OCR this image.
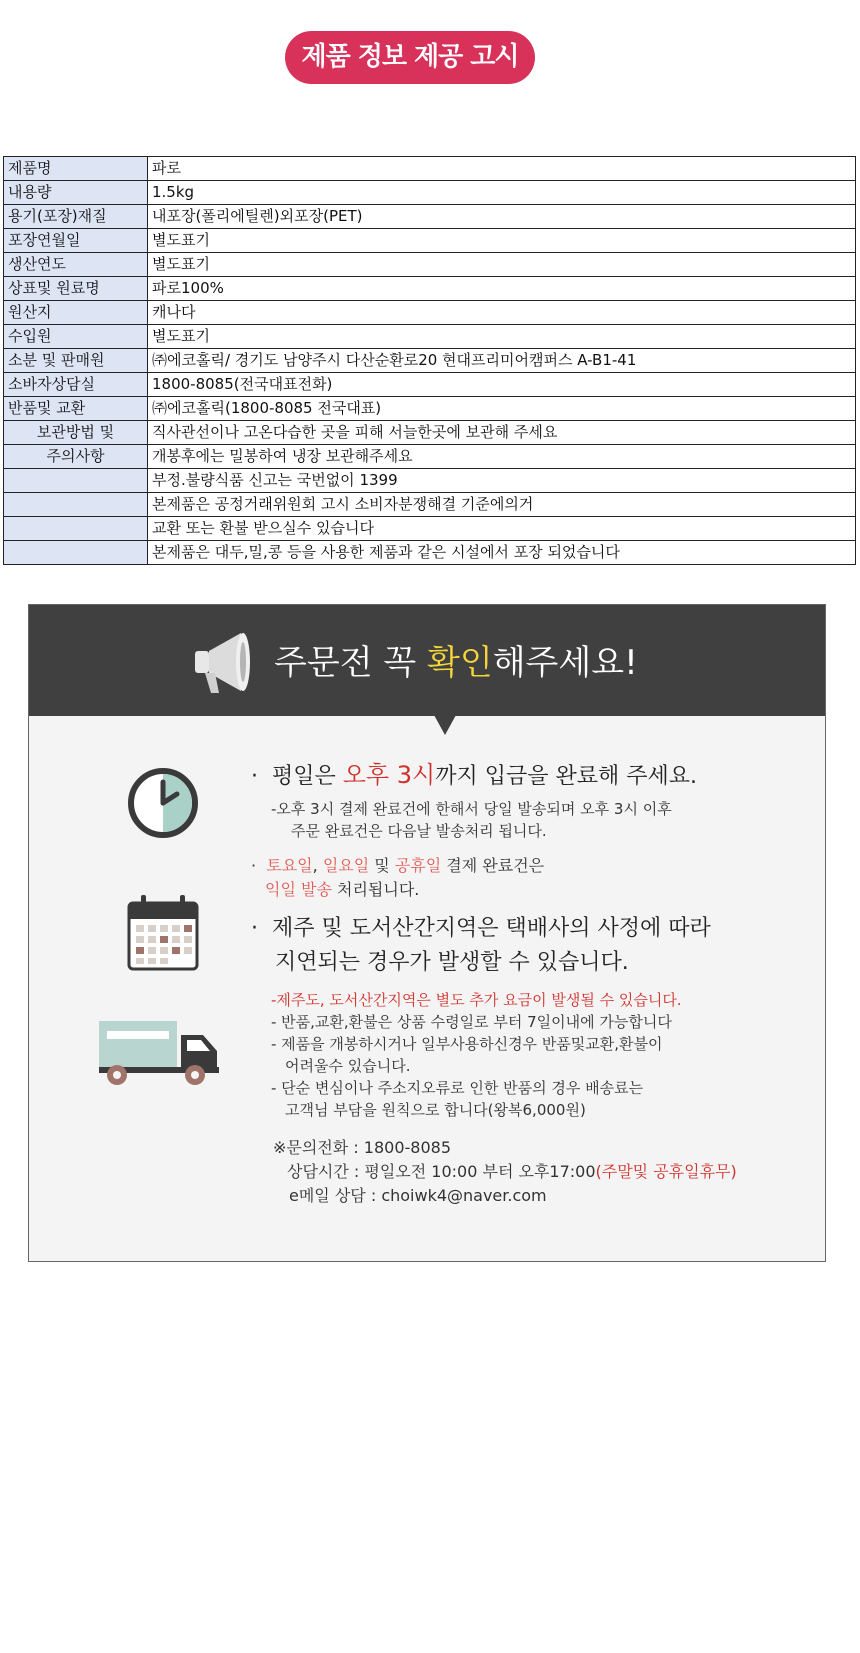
제품 정보 제공 고시
제품명	파로
내용량	1.5kg
용기(포장)재질	내포장(폴리에틸렌)외포장(PET)
포장연월일	별도표기
생산연도	별도표기
상표및 원료명	파로100%
원산지	캐나다
수입원	별도표기
소분 및 판매원	㈜에코홀릭/ 경기도 남양주시 다산순환로20 현대프리미어캠퍼스 A-B1-41
소바자상담실	1800-8085(전국대표전화)
반품및 교환	㈜에코홀릭(1800-8085 전국대표)
보관방법 및	직사관선이나 고온다습한 곳을 피해 서늘한곳에 보관해 주세요
주의사항	개봉후에는 밀봉하여 냉장 보관해주세요
	부정.불량식품 신고는 국번없이 1399
	본제품은 공정거래위원회 고시 소비자분쟁해결 기준에의거
	교환 또는 환불 받으실수 있습니다
	본제품은 대두,밀,콩 등을 사용한 제품과 같은 시설에서 포장 되었습니다
주문전 꼭 확인해주세요!
· 평일은 오후 3시까지 입금을 완료해 주세요.
-오후 3시 결제 완료건에 한해서 당일 발송되며 오후 3시 이후
주문 완료건은 다음날 발송처리 됩니다.
· 토요일, 일요일 및 공휴일 결제 완료건은
익일 발송 처리됩니다.
· 제주 및 도서산간지역은 택배사의 사정에 따라
지연되는 경우가 발생할 수 있습니다.
-제주도, 도서산간지역은 별도 추가 요금이 발생될 수 있습니다.
- 반품,교환,환불은 상품 수령일로 부터 7일이내에 가능합니다
- 제품을 개봉하시거나 일부사용하신경우 반품및교환,환불이
어려울수 있습니다.
- 단순 변심이나 주소지오류로 인한 반품의 경우 배송료는
고객님 부담을 원칙으로 합니다(왕복6,000원)
※문의전화 : 1800-8085
상담시간 : 평일오전 10:00 부터 오후17:00(주말및 공휴일휴무)
e메일 상담 : choiwk4@naver.com
